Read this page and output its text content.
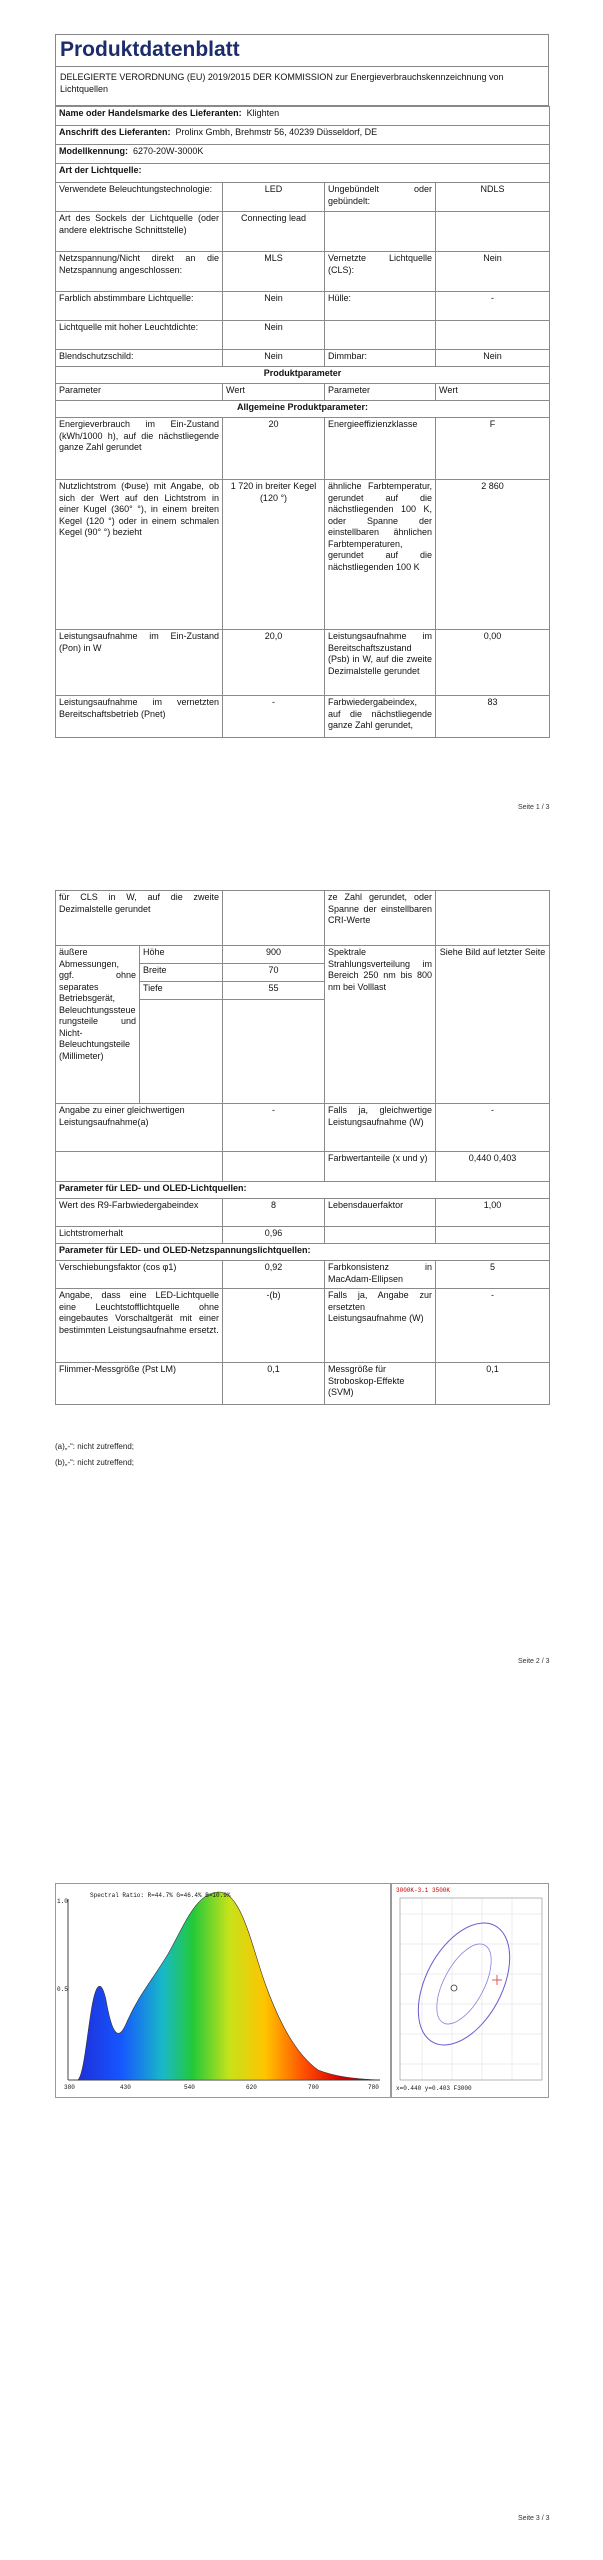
Produktdatenblatt
DELEGIERTE VERORDNUNG (EU) 2019/2015 DER KOMMISSION zur Energieverbrauchskennzeichnung von Lichtquellen
Name oder Handelsmarke des Lieferanten: Klighten			
Anschrift des Lieferanten: Prolinx Gmbh, Brehmstr 56, 40239 Düsseldorf, DE			
Modellkennung: 6270-20W-3000K			
Art der Lichtquelle:			
Verwendete Beleuchtungstechnologie:	LED	Ungebündelt oder gebündelt:	NDLS
Art des Sockels der Lichtquelle (oder andere elektrische Schnittstelle)	Connecting lead		
Netzspannung/Nicht direkt an die Netzspannung angeschlossen:	MLS	Vernetzte Lichtquelle (CLS):	Nein
Farblich abstimmbare Lichtquelle:	Nein	Hülle:	-
Lichtquelle mit hoher Leuchtdichte:	Nein		
Blendschutzschild:	Nein	Dimmbar:	Nein
Produktparameter			
Parameter	Wert	Parameter	Wert
Allgemeine Produktparameter:			
Energieverbrauch im Ein-Zustand (kWh/1000 h), auf die nächstliegende ganze Zahl gerundet	20	Energieeffizienzklasse	F
Nutzlichtstrom (Φuse) mit Angabe, ob sich der Wert auf den Lichtstrom in einer Kugel (360° °), in einem breiten Kegel (120 °) oder in einem schmalen Kegel (90° °) bezieht	1 720 in breiter Kegel (120 °)	ähnliche Farbtemperatur, gerundet auf die nächstliegenden 100 K, oder Spanne der einstellbaren ähnlichen Farbtemperaturen, gerundet auf die nächstliegenden 100 K	2 860
Leistungsaufnahme im Ein-Zustand (Pon) in W	20,0	Leistungsaufnahme im Bereitschaftszustand (Psb) in W, auf die zweite Dezimalstelle gerundet	0,00
Leistungsaufnahme im vernetzten Bereitschaftsbetrieb (Pnet)	-	Farbwiedergabeindex, auf die nächstliegende ganze Zahl gerundet,	83
Seite 1 / 3
für CLS in W, auf die zweite Dezimalstelle gerundet			ze Zahl gerundet, oder Spanne der einstellbaren CRI-Werte	
äußere Abmessungen, ggf. ohne separates Betriebsgerät, Beleuchtungssteuerungsteile und Nicht-Beleuchtungsteile (Millimeter)	Höhe	900	Spektrale Strahlungsverteilung im Bereich 250 nm bis 800 nm bei Volllast	Siehe Bild auf letzter Seite
	Breite	70		
	Tiefe	55		

Angabe zu einer gleichwertigen Leistungsaufnahme(a)		-	Falls ja, gleichwertige Leistungsaufnahme (W)	-
			Farbwertanteile (x und y)	0,440 0,403
Parameter für LED- und OLED-Lichtquellen:				
Wert des R9-Farbwiedergabeindex		8	Lebensdauerfaktor	1,00
Lichtstromerhalt		0,96		
Parameter für LED- und OLED-Netzspannungslichtquellen:				
Verschiebungsfaktor (cos φ1)		0,92	Farbkonsistenz in MacAdam-Ellipsen	5
Angabe, dass eine LED-Lichtquelle eine Leuchtstofflichtquelle ohne eingebautes Vorschaltgerät mit einer bestimmten Leistungsaufnahme ersetzt.		-(b)	Falls ja, Angabe zur ersetzten Leistungsaufnahme (W)	-
Flimmer-Messgröße (Pst LM)		0,1	Messgröße für Stroboskop-Effekte (SVM)	0,1
(a)„-“: nicht zutreffend;
(b)„-“: nicht zutreffend;
Seite 2 / 3
Seite 3 / 3
Spectral Ratio: R=44.7% G=46.4% B=10.9%
1.0
0.5
380	430	540	620	700	780
3000K-3.1 3500K
x=0.440 y=0.403 F3000
